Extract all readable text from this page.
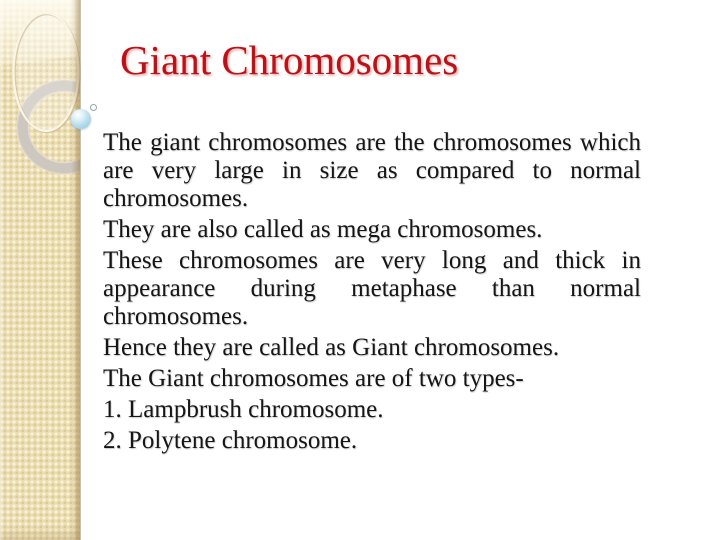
Giant Chromosomes

The giant chromosomes are the chromosomes which
are very large in size as compared to normal
chromosomes.

They are also called as mega chromosomes.

These chromosomes are very long and thick in
appearance during metaphase than normal
chromosomes.

Hence they are called as Giant chromosomes.

The Giant chromosomes are of two types-

1. Lampbrush chromosome.

2. Polytene chromosome.
